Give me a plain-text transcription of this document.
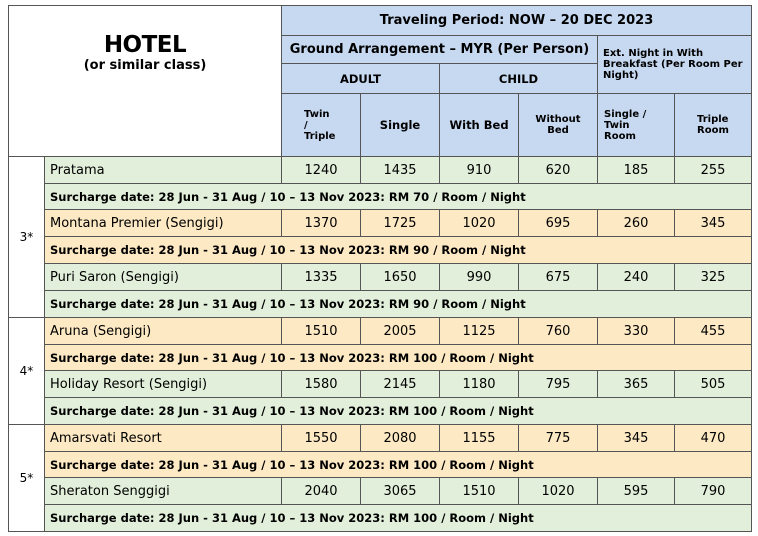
HOTEL
(or similar class)		Traveling Period: NOW – 20 DEC 2023					
		Ground Arrangement – MYR (Per Person)				Ext. Night in With Breakfast (Per Room Per Night)	
		ADULT		CHILD			
		Twin / Triple	Single	With Bed	Without Bed	Single / Twin Room	Triple Room
3*	Pratama	1240	1435	910	620	185	255
	Surcharge date: 28 Jun - 31 Aug / 10 – 13 Nov 2023: RM 70 / Room / Night						
	Montana Premier (Sengigi)	1370	1725	1020	695	260	345
	Surcharge date: 28 Jun - 31 Aug / 10 – 13 Nov 2023: RM 90 / Room / Night						
	Puri Saron (Sengigi)	1335	1650	990	675	240	325
	Surcharge date: 28 Jun - 31 Aug / 10 – 13 Nov 2023: RM 90 / Room / Night						
4*	Aruna (Sengigi)	1510	2005	1125	760	330	455
	Surcharge date: 28 Jun - 31 Aug / 10 – 13 Nov 2023: RM 100 / Room / Night						
	Holiday Resort (Sengigi)	1580	2145	1180	795	365	505
	Surcharge date: 28 Jun - 31 Aug / 10 – 13 Nov 2023: RM 100 / Room / Night						
5*	Amarsvati Resort	1550	2080	1155	775	345	470
	Surcharge date: 28 Jun - 31 Aug / 10 – 13 Nov 2023: RM 100 / Room / Night						
	Sheraton Senggigi	2040	3065	1510	1020	595	790
	Surcharge date: 28 Jun - 31 Aug / 10 – 13 Nov 2023: RM 100 / Room / Night						
